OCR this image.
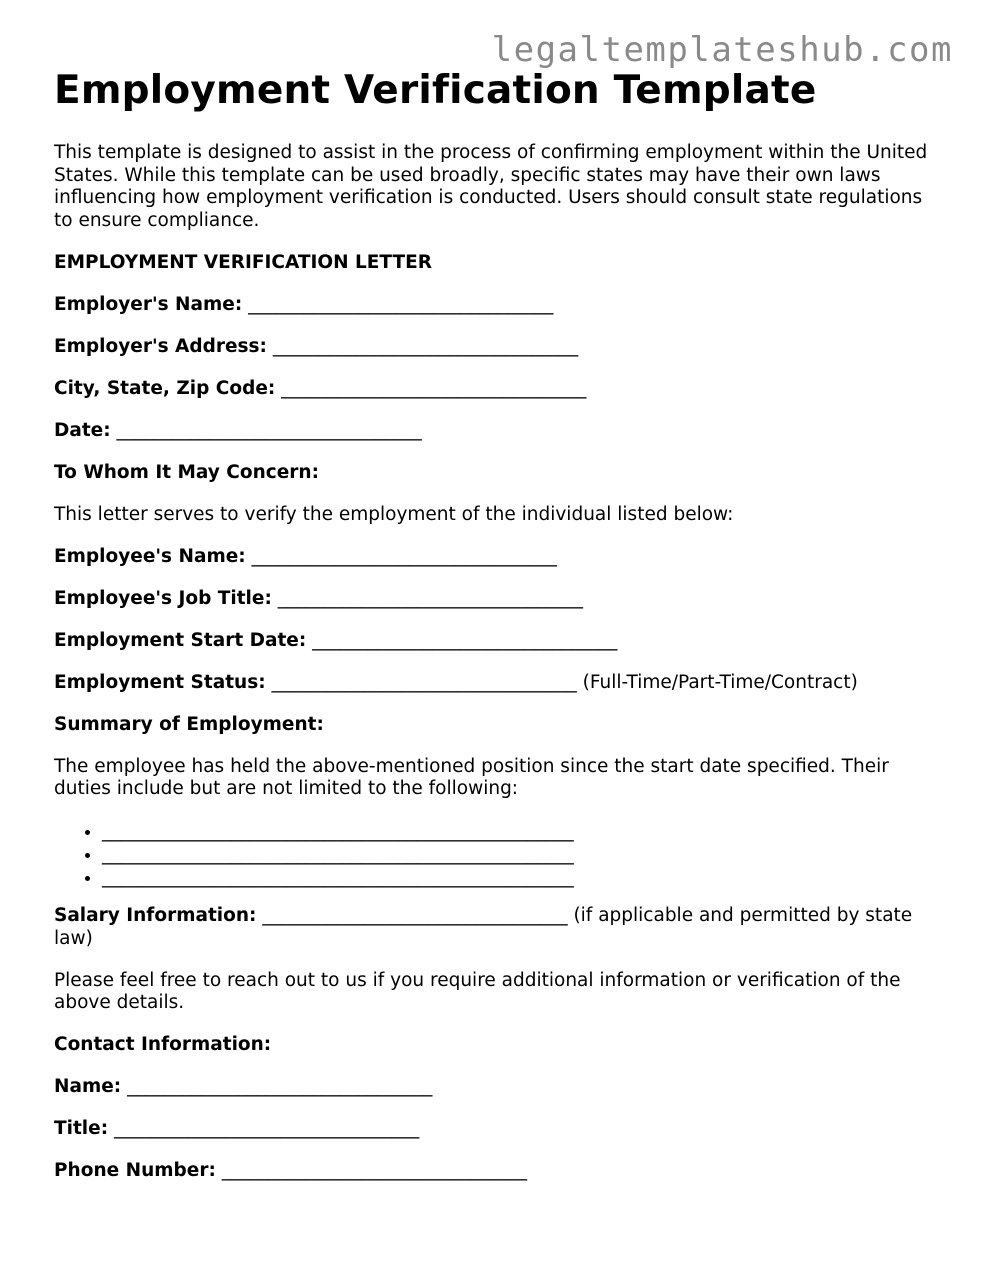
legaltemplateshub.com
Employment Verification Template

This template is designed to assist in the process of confirming employment within the United States. While this template can be used broadly, specific states may have their own laws influencing how employment verification is conducted. Users should consult state regulations to ensure compliance.

EMPLOYMENT VERIFICATION LETTER

Employer's Name: _________________________________

Employer's Address: _________________________________

City, State, Zip Code: _________________________________

Date: _________________________________

To Whom It May Concern:

This letter serves to verify the employment of the individual listed below:

Employee's Name: _________________________________

Employee's Job Title: _________________________________

Employment Start Date: _________________________________

Employment Status: _________________________________ (Full-Time/Part-Time/Contract)

Summary of Employment:

The employee has held the above-mentioned position since the start date specified. Their duties include but are not limited to the following:

• ___________________________________________________
• ___________________________________________________
• ___________________________________________________

Salary Information: _________________________________ (if applicable and permitted by state law)

Please feel free to reach out to us if you require additional information or verification of the above details.

Contact Information:

Name: _________________________________

Title: _________________________________

Phone Number: _________________________________
